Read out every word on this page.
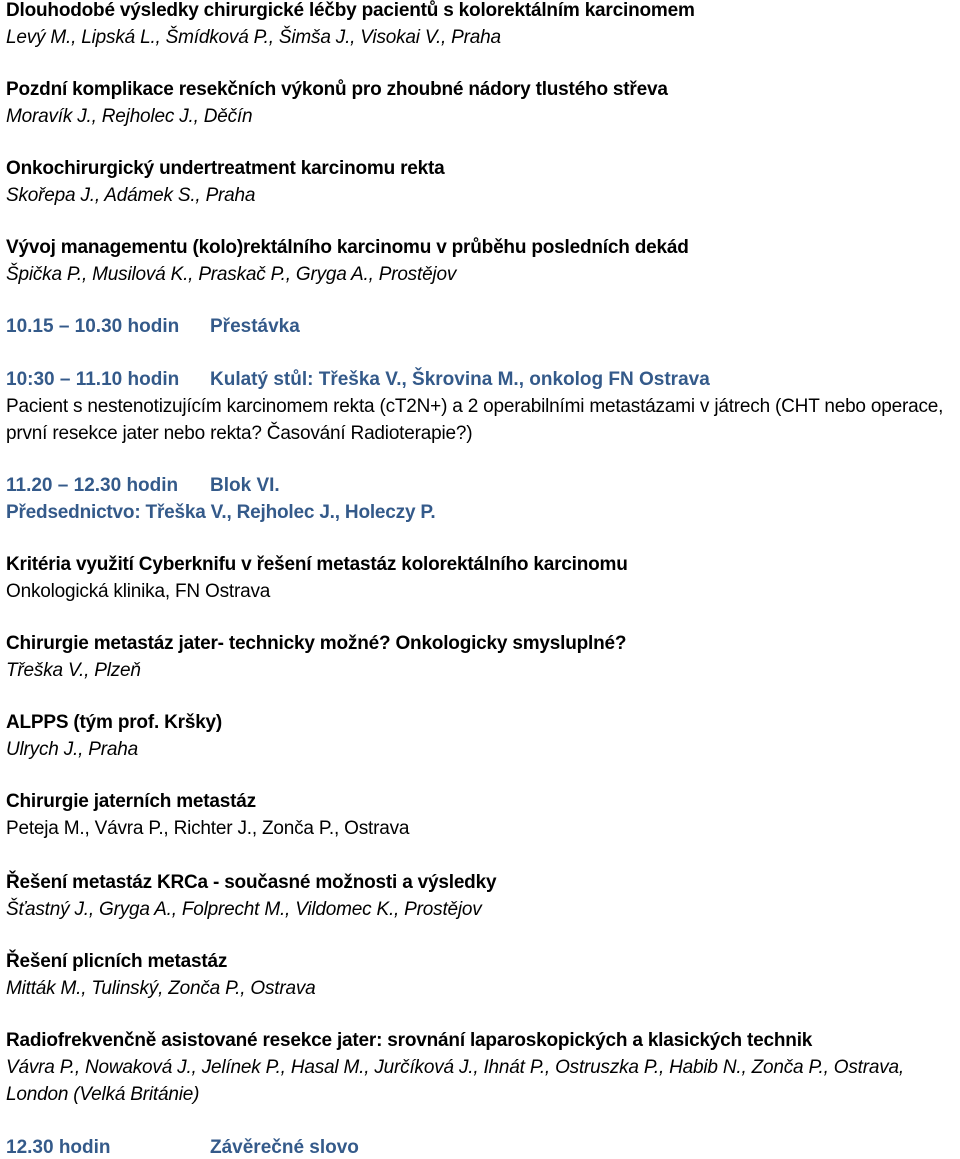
Dlouhodobé výsledky chirurgické léčby pacientů s kolorektálním karcinomem
Levý M., Lipská L., Šmídková P., Šimša J., Visokai V., Praha
Pozdní komplikace resekčních výkonů pro zhoubné nádory tlustého střeva
Moravík J., Rejholec J., Děčín
Onkochirurgický undertreatment karcinomu rekta
Skořepa J., Adámek S., Praha
Vývoj managementu (kolo)rektálního karcinomu v průběhu posledních dekád
Špička P., Musilová K., Praskač P., Gryga A., Prostějov
10.15 – 10.30 hodin Přestávka
10:30 – 11.10 hodin Kulatý stůl: Třeška V., Škrovina M., onkolog FN Ostrava
Pacient s nestenotizujícím karcinomem rekta (cT2N+) a 2 operabilními metastázami v játrech (CHT nebo operace,
první resekce jater nebo rekta? Časování Radioterapie?)
11.20 – 12.30 hodin Blok VI.
Předsednictvo: Třeška V., Rejholec J., Holeczy P.
Kritéria využití Cyberknifu v řešení metastáz kolorektálního karcinomu
Onkologická klinika, FN Ostrava
Chirurgie metastáz jater- technicky možné? Onkologicky smysluplné?
Třeška V., Plzeň
ALPPS (tým prof. Kršky)
Ulrych J., Praha
Chirurgie jaterních metastáz
Peteja M., Vávra P., Richter J., Zonča P., Ostrava
Řešení metastáz KRCa - současné možnosti a výsledky
Šťastný J., Gryga A., Folprecht M., Vildomec K., Prostějov
Řešení plicních metastáz
Mitták M., Tulinský, Zonča P., Ostrava
Radiofrekvenčně asistované resekce jater: srovnání laparoskopických a klasických technik
Vávra P., Nowaková J., Jelínek P., Hasal M., Jurčíková J., Ihnát P., Ostruszka P., Habib N., Zonča P., Ostrava,
London (Velká Británie)
12.30 hodin	Závěrečné slovo
